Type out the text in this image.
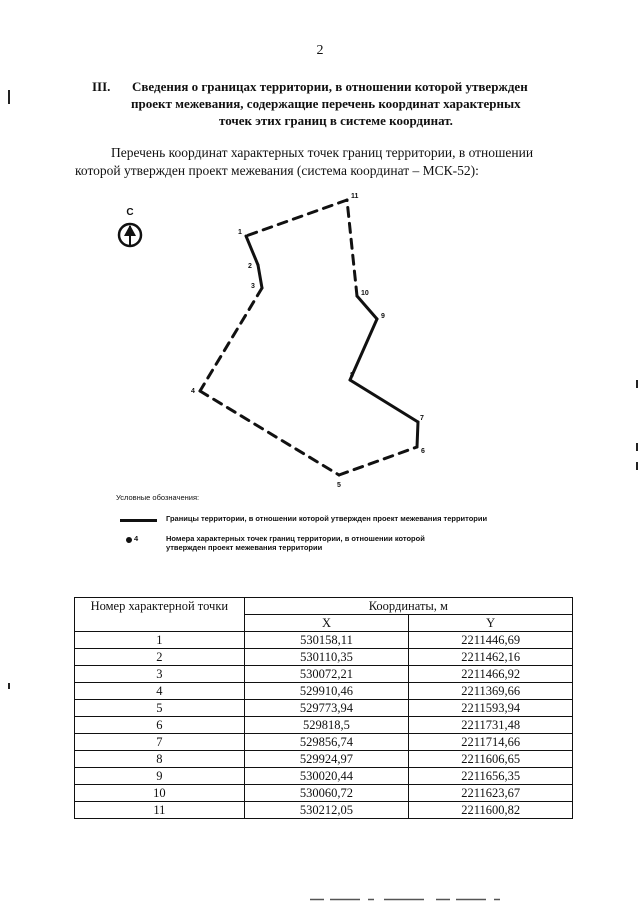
2
III. Сведения о границах территории, в отношении которой утвержден
проект межевания, содержащие перечень координат характерных
точек этих границ в системе координат.
Перечень координат характерных точек границ территории, в отношении
которой утвержден проект межевания (система координат – МСК-52):
С
1
2
3
4
5
6
7
8
9
10
11
Условные обозначения:
Границы территории, в отношении которой утвержден проект межевания территории
4	Номера характерных точек границ территории, в отношении которой утвержден проект межевания территории
Номер характерной точки	Координаты, м	
	X	Y
1	530158,11	2211446,69
2	530110,35	2211462,16
3	530072,21	2211466,92
4	529910,46	2211369,66
5	529773,94	2211593,94
6	529818,5	2211731,48
7	529856,74	2211714,66
8	529924,97	2211606,65
9	530020,44	2211656,35
10	530060,72	2211623,67
11	530212,05	2211600,82
